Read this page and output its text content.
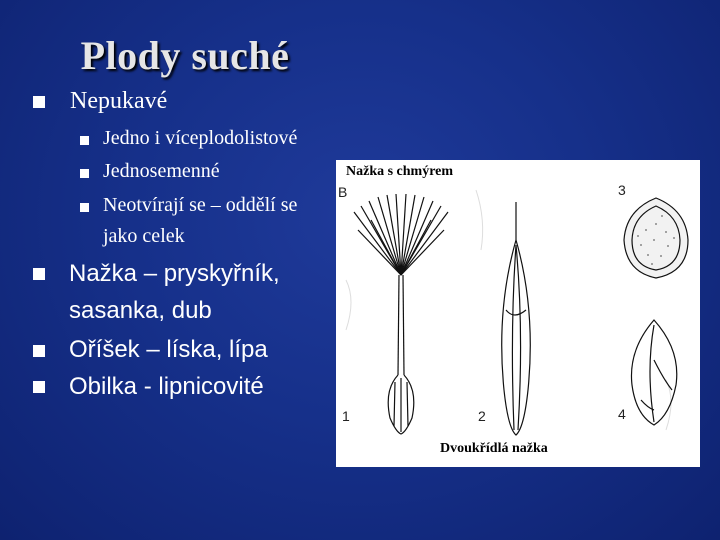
Plody suché
Nepukavé
Jedno i víceplodolistové
Jednosemenné
Neotvírají se – oddělí se
jako celek
Nažka – pryskyřník,
sasanka, dub
Oříšek – líska, lípa
Obilka - lipnicovité
Nažka s chmýrem
B	3
1	2	4
Dvoukřídlá nažka
